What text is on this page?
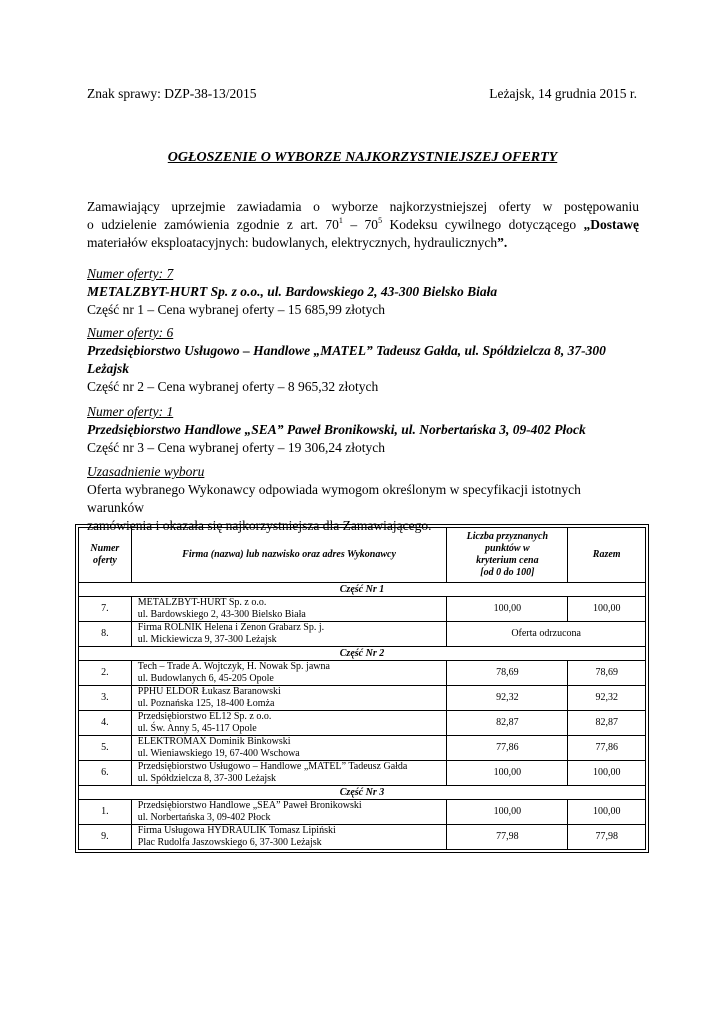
Znak sprawy: DZP-38-13/2015	Leżajsk, 14 grudnia 2015 r.
OGŁOSZENIE O WYBORZE NAJKORZYSTNIEJSZEJ OFERTY
Zamawiający uprzejmie zawiadamia o wyborze najkorzystniejszej oferty w postępowaniu
o udzielenie zamówienia zgodnie z art. $70^1 - 70^5$ Kodeksu cywilnego dotyczącego „Dostawę
materiałów eksploatacyjnych: budowlanych, elektrycznych, hydraulicznych”.
Numer oferty: 7
METALZBYT-HURT Sp. z o.o., ul. Bardowskiego 2, 43-300 Bielsko Biała
Część nr 1 – Cena wybranej oferty – 15 685,99 złotych
Numer oferty: 6
Przedsiębiorstwo Usługowo – Handlowe „MATEL” Tadeusz Gałda, ul. Spółdzielcza 8, 37-300
Leżajsk
Część nr 2 – Cena wybranej oferty – 8 965,32 złotych
Numer oferty: 1
Przedsiębiorstwo Handlowe „SEA” Paweł Bronikowski, ul. Norbertańska 3, 09-402 Płock
Część nr 3 – Cena wybranej oferty – 19 306,24 złotych
Uzasadnienie wyboru
Oferta wybranego Wykonawcy odpowiada wymogom określonym w specyfikacji istotnych warunków
zamówienia i okazała się najkorzystniejsza dla Zamawiającego.
Numer
oferty	Firma (nazwa) lub nazwisko oraz adres Wykonawcy	Liczba przyznanych
punktów w
kryterium cena
[od 0 do 100]	Razem
Część Nr 1			
7.	METALZBYT-HURT Sp. z o.o.
ul. Bardowskiego 2, 43-300 Bielsko Biała	100,00	100,00
8.	Firma ROLNIK Helena i Zenon Grabarz Sp. j.
ul. Mickiewicza 9, 37-300 Leżajsk	Oferta odrzucona	
Część Nr 2			
2.	Tech – Trade A. Wojtczyk, H. Nowak Sp. jawna
ul. Budowlanych 6, 45-205 Opole	78,69	78,69
3.	PPHU ELDOR Łukasz Baranowski
ul. Poznańska 125, 18-400 Łomża	92,32	92,32
4.	Przedsiębiorstwo EL12 Sp. z o.o.
ul. Św. Anny 5, 45-117 Opole	82,87	82,87
5.	ELEKTROMAX Dominik Binkowski
ul. Wieniawskiego 19, 67-400 Wschowa	77,86	77,86
6.	Przedsiębiorstwo Usługowo – Handlowe „MATEL” Tadeusz Gałda
ul. Spółdzielcza 8, 37-300 Leżajsk	100,00	100,00
Część Nr 3			
1.	Przedsiębiorstwo Handlowe „SEA” Paweł Bronikowski
ul. Norbertańska 3, 09-402 Płock	100,00	100,00
9.	Firma Usługowa HYDRAULIK Tomasz Lipiński
Plac Rudolfa Jaszowskiego 6, 37-300 Leżajsk	77,98	77,98
